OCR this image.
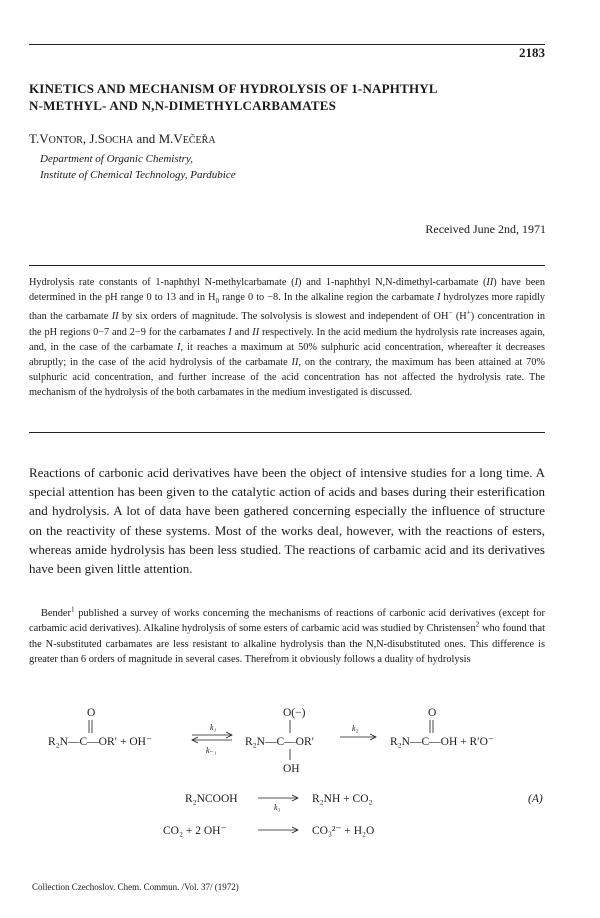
2183
KINETICS AND MECHANISM OF HYDROLYSIS OF 1-NAPHTHYL
N-METHYL- AND N,N-DIMETHYLCARBAMATES
T.VONTOR, J.SOCHA and M.VEČEŘA
Department of Organic Chemistry,
Institute of Chemical Technology, Pardubice
Received June 2nd, 1971
Hydrolysis rate constants of 1-naphthyl N-methylcarbamate (I) and 1-naphthyl N,N-dimethyl-carbamate (II) have been determined in the pH range 0 to 13 and in $H_0$ range 0 to −8. In the alkaline region the carbamate I hydrolyzes more rapidly than the carbamate II by six orders of magnitude. The solvolysis is slowest and independent of OH− (H+) concentration in the pH regions 0−7 and 2−9 for the carbamates I and II respectively. In the acid medium the hydrolysis rate increases again, and, in the case of the carbamate I, it reaches a maximum at 50% sulphuric acid concentration, whereafter it decreases abruptly; in the case of the acid hydrolysis of the carbamate II, on the contrary, the maximum has been attained at 70% sulphuric acid concentration, and further increase of the acid concentration has not affected the hydrolysis rate. The mechanism of the hydrolysis of the both carbamates in the medium investigated is discussed.
Reactions of carbonic acid derivatives have been the object of intensive studies for a long time. A special attention has been given to the catalytic action of acids and bases during their esterification and hydrolysis. A lot of data have been gathered concerning especially the influence of structure on the reactivity of these systems. Most of the works deal, however, with the reactions of esters, whereas amide hydrolysis has been less studied. The reactions of carbamic acid and its derivatives have been given little attention.
Bender$^1$ published a survey of works concerning the mechanisms of reactions of carbonic acid derivatives (except for carbamic acid derivatives). Alkaline hydrolysis of some esters of carbamic acid was studied by Christensen$^2$ who found that the N-substituted carbamates are less resistant to alkaline hydrolysis than the N,N-disubstituted ones. This difference is greater than 6 orders of magnitude in several cases. Therefrom it obviously follows a duality of hydrolysis
O
R₂N—C—OR′ + OH⁻
k₁
k₋₁
O(−)
R₂N—C—OR′
OH
k₂
O
R₂N—C—OH + R′O⁻
R₂NCOOH
k₃
R₂NH + CO₂	(A)
CO₂ + 2 OH⁻	CO₃²⁻ + H₂O
Collection Czechoslov. Chem. Commun. /Vol. 37/ (1972)
